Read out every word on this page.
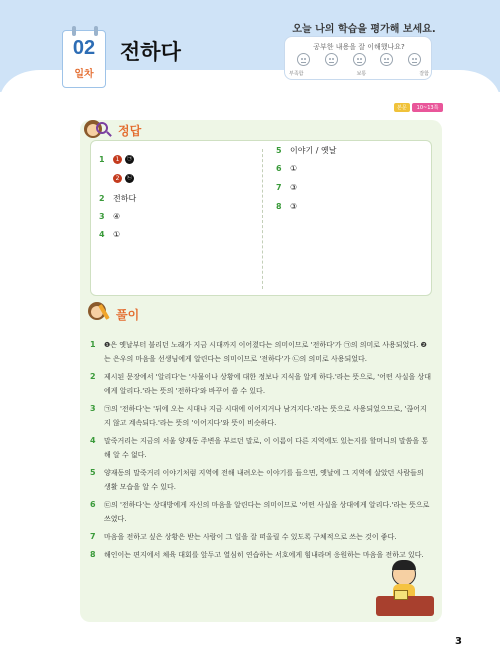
02
일차
전하다
오늘 나의 학습을 평가해 보세요.
공부한 내용을 잘 이해했나요?
부족함	보통	잘함
본문	10~13쪽
정답
1	1	㉠
2	㉡
2	전하다
3	④
4	①
5	이야기 / 옛날
6	①
7	③
8	③
풀이
1	❶은 옛날부터 불리던 노래가 지금 시대까지 이어졌다는 의미이므로 '전하다'가 ㉠의 의미로 사용되었다. ❷는 은우의 마음을 선생님에게 알린다는 의미이므로 '전하다'가 ㉡의 의미로 사용되었다.
2	제시된 문장에서 '알리다'는 '사물이나 상황에 대한 정보나 지식을 알게 하다.'라는 뜻으로, '어떤 사실을 상대에게 알리다.'라는 뜻의 '전하다'와 바꾸어 쓸 수 있다.
3	㉠의 '전하다'는 '뒤에 오는 시대나 지금 시대에 이어지거나 남겨지다.'라는 뜻으로 사용되었으므로, '끊어지지 않고 계속되다.'라는 뜻의 '이어지다'와 뜻이 비슷하다.
4	말죽거리는 지금의 서울 양재동 주변을 부르던 말로, 이 이름이 다른 지역에도 있는지를 할머니의 말씀을 통해 알 수 없다.
5	양재동의 말죽거리 이야기처럼 지역에 전해 내려오는 이야기를 들으면, 옛날에 그 지역에 살았던 사람들의 생활 모습을 알 수 있다.
6	㉢의 '전하다'는 상대방에게 자신의 마음을 알린다는 의미이므로 '어떤 사실을 상대에게 알리다.'라는 뜻으로 쓰였다.
7	마음을 전하고 싶은 상황은 받는 사람이 그 일을 잘 떠올릴 수 있도록 구체적으로 쓰는 것이 좋다.
8	해인이는 편지에서 체육 대회를 앞두고 열심히 연습하는 서호에게 힘내라며 응원하는 마음을 전하고 있다.
3
